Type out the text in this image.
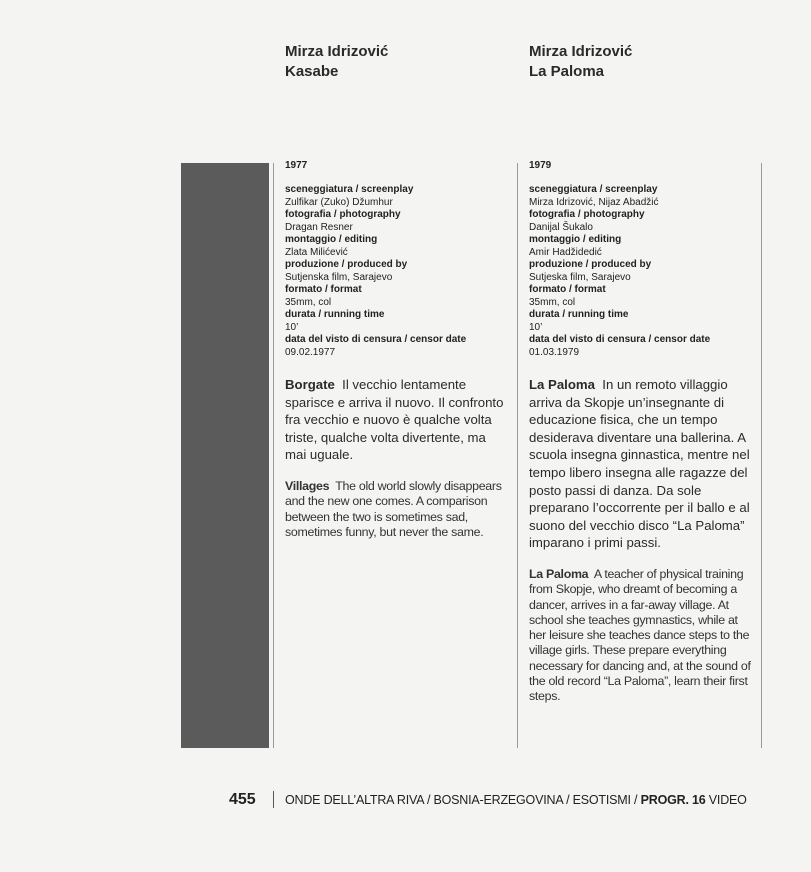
Mirza Idrizović
Kasabe
Mirza Idrizović
La Paloma
1977
sceneggiatura / screenplay
Zulfikar (Zuko) Džumhur
fotografia / photography
Dragan Resner
montaggio / editing
Zlata Milićević
produzione / produced by
Sutjenska film, Sarajevo
formato / format
35mm, col
durata / running time
10’
data del visto di censura / censor date
09.02.1977
Borgate Il vecchio lentamente sparisce e arriva il nuovo. Il confronto fra vecchio e nuovo è qualche volta triste, qualche volta divertente, ma mai uguale.
Villages The old world slowly disappears and the new one comes. A comparison between the two is sometimes sad, sometimes funny, but never the same.
1979
sceneggiatura / screenplay
Mirza Idrizović, Nijaz Abadžić
fotografia / photography
Danijal Šukalo
montaggio / editing
Amir Hadžidedić
produzione / produced by
Sutjeska film, Sarajevo
formato / format
35mm, col
durata / running time
10’
data del visto di censura / censor date
01.03.1979
La Paloma In un remoto villaggio arriva da Skopje un’insegnante di educazione fisica, che un tempo desiderava diventare una ballerina. A scuola insegna ginnastica, mentre nel tempo libero insegna alle ragazze del posto passi di danza. Da sole preparano l’occorrente per il ballo e al suono del vecchio disco “La Paloma” imparano i primi passi.
La Paloma A teacher of physical training from Skopje, who dreamt of becoming a dancer, arrives in a far-away village. At school she teaches gymnastics, while at her leisure she teaches dance steps to the village girls. These prepare everything necessary for dancing and, at the sound of the old record “La Paloma”, learn their first steps.
455 ONDE DELL’ALTRA RIVA / BOSNIA-ERZEGOVINA / ESOTISMI / PROGR. 16 VIDEO
